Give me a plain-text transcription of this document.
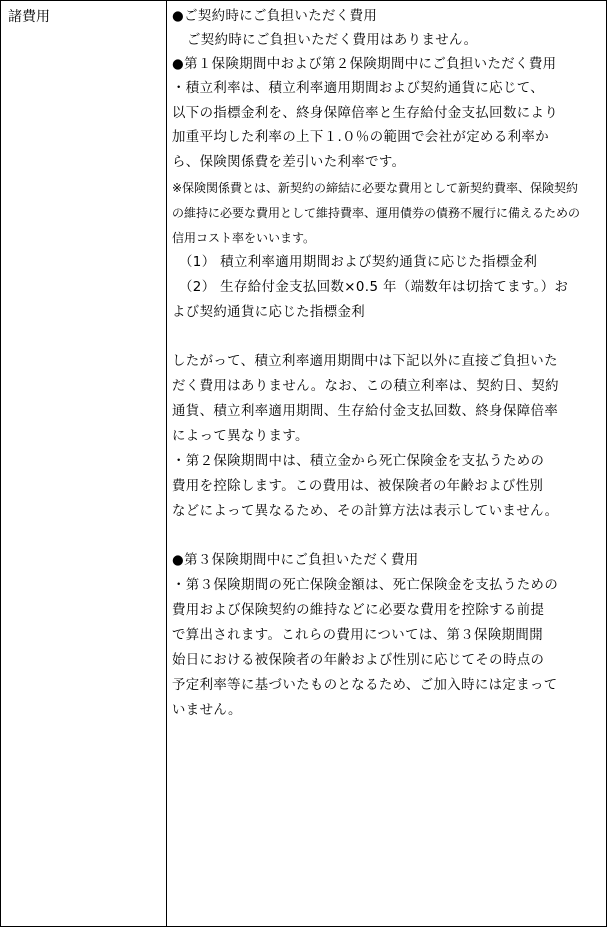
諸費用	●ご契約時にご負担いただく費用
ご契約時にご負担いただく費用はありません。
●第１保険期間中および第２保険期間中にご負担いただく費用
・積立利率は、積立利率適用期間および契約通貨に応じて、
以下の指標金利を、終身保障倍率と生存給付金支払回数により
加重平均した利率の上下１.０％の範囲で会社が定める利率か
ら、保険関係費を差引いた利率です。
※保険関係費とは、新契約の締結に必要な費用として新契約費率、保険契約
の維持に必要な費用として維持費率、運用債券の債務不履行に備えるための
信用コスト率をいいます。
（1） 積立利率適用期間および契約通貨に応じた指標金利
（2） 生存給付金支払回数×0.5 年（端数年は切捨てます。）お
よび契約通貨に応じた指標金利
したがって、積立利率適用期間中は下記以外に直接ご負担いた
だく費用はありません。なお、この積立利率は、契約日、契約
通貨、積立利率適用期間、生存給付金支払回数、終身保障倍率
によって異なります。
・第２保険期間中は、積立金から死亡保険金を支払うための
費用を控除します。この費用は、被保険者の年齢および性別
などによって異なるため、その計算方法は表示していません。
●第３保険期間中にご負担いただく費用
・第３保険期間の死亡保険金額は、死亡保険金を支払うための
費用および保険契約の維持などに必要な費用を控除する前提
で算出されます。これらの費用については、第３保険期間開
始日における被保険者の年齢および性別に応じてその時点の
予定利率等に基づいたものとなるため、ご加入時には定まって
いません。
